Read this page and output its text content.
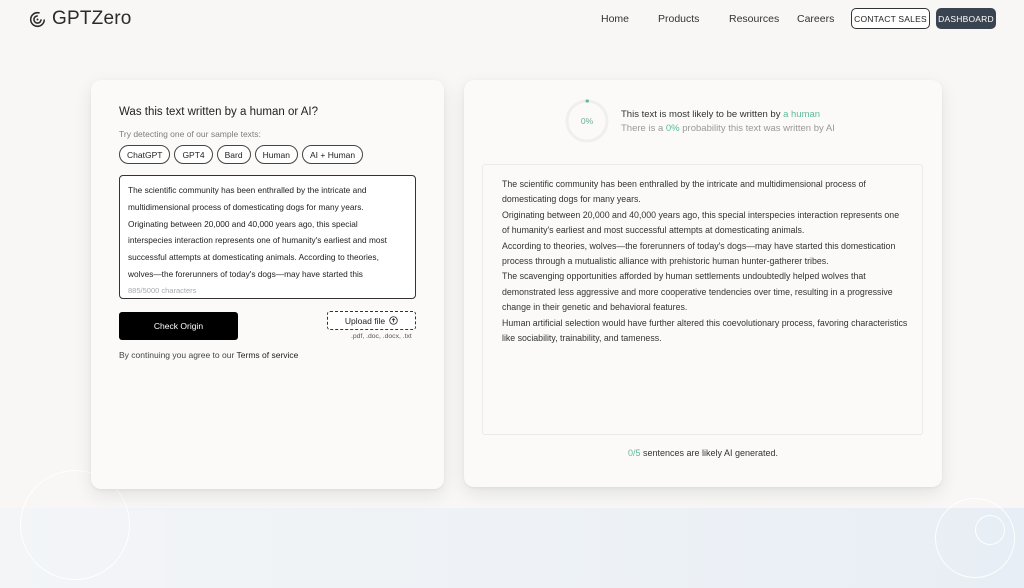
GPTZero	Home	Products	Resources Careers	CONTACT SALES	DASHBOARD
Was this text written by a human or AI?
Try detecting one of our sample texts:
ChatGPT	GPT4	Bard	Human	AI + Human
The scientific community has been enthralled by the intricate and multidimensional process of domesticating dogs for many years. Originating between 20,000 and 40,000 years ago, this special interspecies interaction represents one of humanity's earliest and most successful attempts at domesticating animals. According to theories, wolves—the forerunners of today's dogs—may have started this
885/5000 characters
Check Origin
Upload file
.pdf, .doc, .docx, .txt
By continuing you agree to our Terms of service
0%
This text is most likely to be written by a human
There is a 0% probability this text was written by AI
The scientific community has been enthralled by the intricate and multidimensional process of domesticating dogs for many years.
Originating between 20,000 and 40,000 years ago, this special interspecies interaction represents one of humanity's earliest and most successful attempts at domesticating animals.
According to theories, wolves—the forerunners of today's dogs—may have started this domestication process through a mutualistic alliance with prehistoric human hunter-gatherer tribes.
The scavenging opportunities afforded by human settlements undoubtedly helped wolves that demonstrated less aggressive and more cooperative tendencies over time, resulting in a progressive change in their genetic and behavioral features.
Human artificial selection would have further altered this coevolutionary process, favoring characteristics like sociability, trainability, and tameness.
0/5 sentences are likely AI generated.
